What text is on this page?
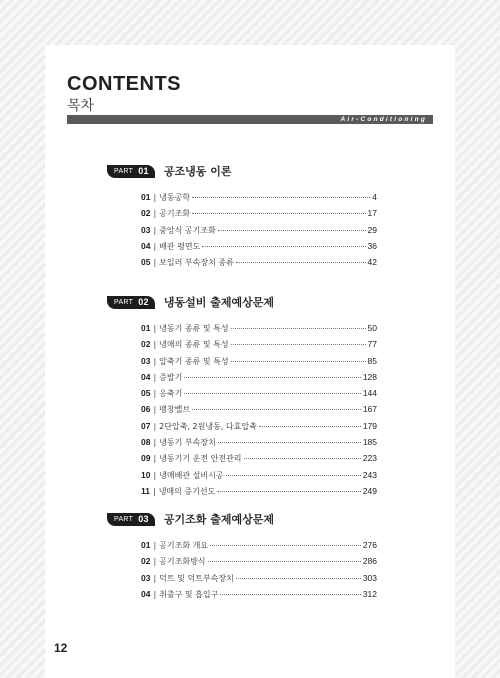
CONTENTS
목차
Air-Conditioning
PART 01 공조냉동 이론
01 | 냉동공학	4
02 | 공기조화	17
03 | 중앙식 공기조화	29
04 | 배관 평면도	36
05 | 보일러 부속장치 종류	42
PART 02 냉동설비 출제예상문제
01 | 냉동기 종류 및 특성	50
02 | 냉매의 종류 및 특성	77
03 | 압축기 종류 및 특성	85
04 | 증발기	128
05 | 응축기	144
06 | 팽창밸브	167
07 | 2단압축, 2원냉동, 다효압축	179
08 | 냉동기 부속장치	185
09 | 냉동기기 운전 안전관리	223
10 | 냉매배관 설비시공	243
11 | 냉매의 증기선도	249
PART 03 공기조화 출제예상문제
01 | 공기조화 개요	276
02 | 공기조화방식	286
03 | 덕트 및 덕트부속장치	303
04 | 취출구 및 흡입구	312
12
